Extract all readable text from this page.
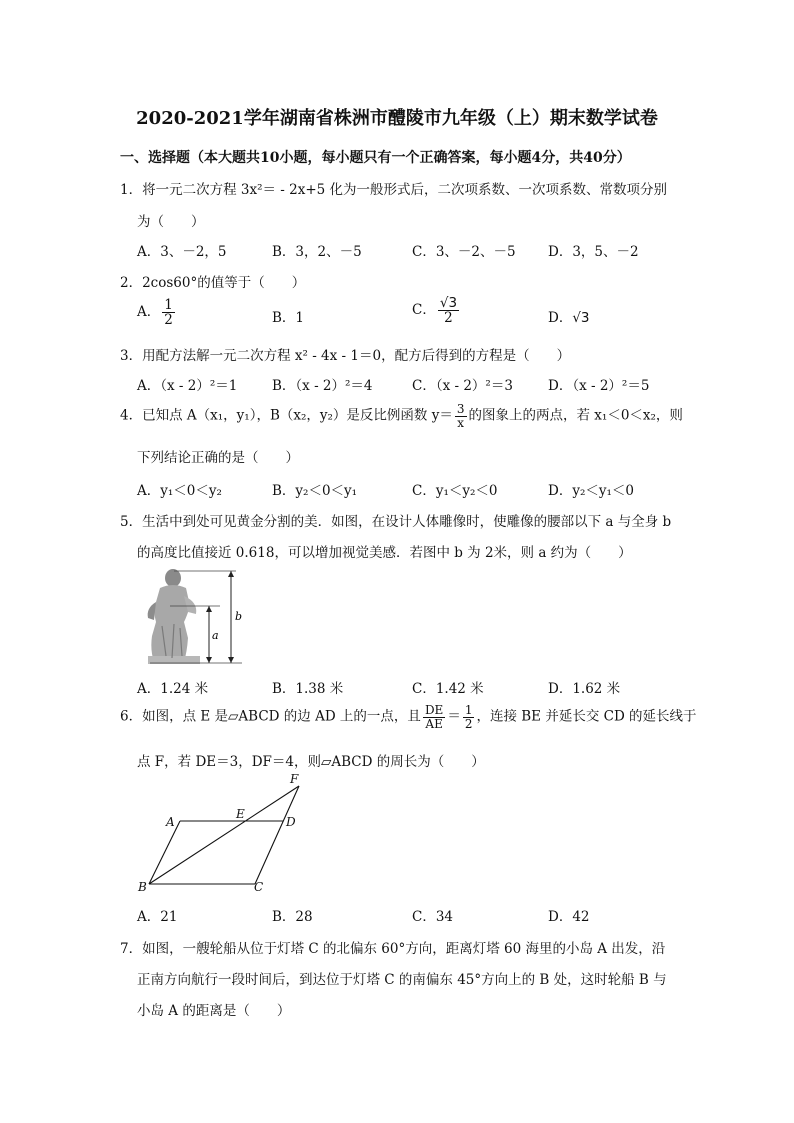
2020-2021学年湖南省株洲市醴陵市九年级（上）期末数学试卷
一、选择题（本大题共10小题，每小题只有一个正确答案，每小题4分，共40分）
1．将一元二次方程 3x²＝ - 2x+5 化为一般形式后，二次项系数、一次项系数、常数项分别
为（　　）
A．3、－2，5	B．3，2、－5	C．3、－2、－5 D．3，5、－2
2．2cos60°的值等于（　　）
A． $\frac{1}{2}$	B．1	C． $\frac{√3}{2}$	D．√3
3．用配方法解一元二次方程 x² - 4x - 1＝0，配方后得到的方程是（　　）
A．（x - 2）²＝1	B．（x - 2）²＝4	C．（x - 2）²＝3	D．（x - 2）²＝5
4．已知点 A（x₁，y₁），B（x₂，y₂）是反比例函数 $y= \frac{3}{x}$ 的图象上的两点，若 x₁＜0＜x₂，则
下列结论正确的是（　　）
A．y₁＜0＜y₂	B．y₂＜0＜y₁	C．y₁＜y₂＜0	D．y₂＜y₁＜0
5．生活中到处可见黄金分割的美．如图，在设计人体雕像时，使雕像的腰部以下 a 与全身 b
的高度比值接近 0.618，可以增加视觉美感．若图中 b 为 2米，则 a 约为（　　）
a
b
A．1.24 米	B．1.38 米	C．1.42 米	D．1.62 米
6．如图，点 E 是▱ABCD 的边 AD 上的一点，且 $\frac{DE}{AE} = \frac{1}{2}$ ，连接 BE 并延长交 CD 的延长线于
点 F，若 DE＝3，DF＝4，则▱ABCD 的周长为（　　）
A
B	C
D
E
F
A．21	B．28	C．34	D．42
7．如图，一艘轮船从位于灯塔 C 的北偏东 60°方向，距离灯塔 60 海里的小岛 A 出发，沿
正南方向航行一段时间后，到达位于灯塔 C 的南偏东 45°方向上的 B 处，这时轮船 B 与
小岛 A 的距离是（　　）
